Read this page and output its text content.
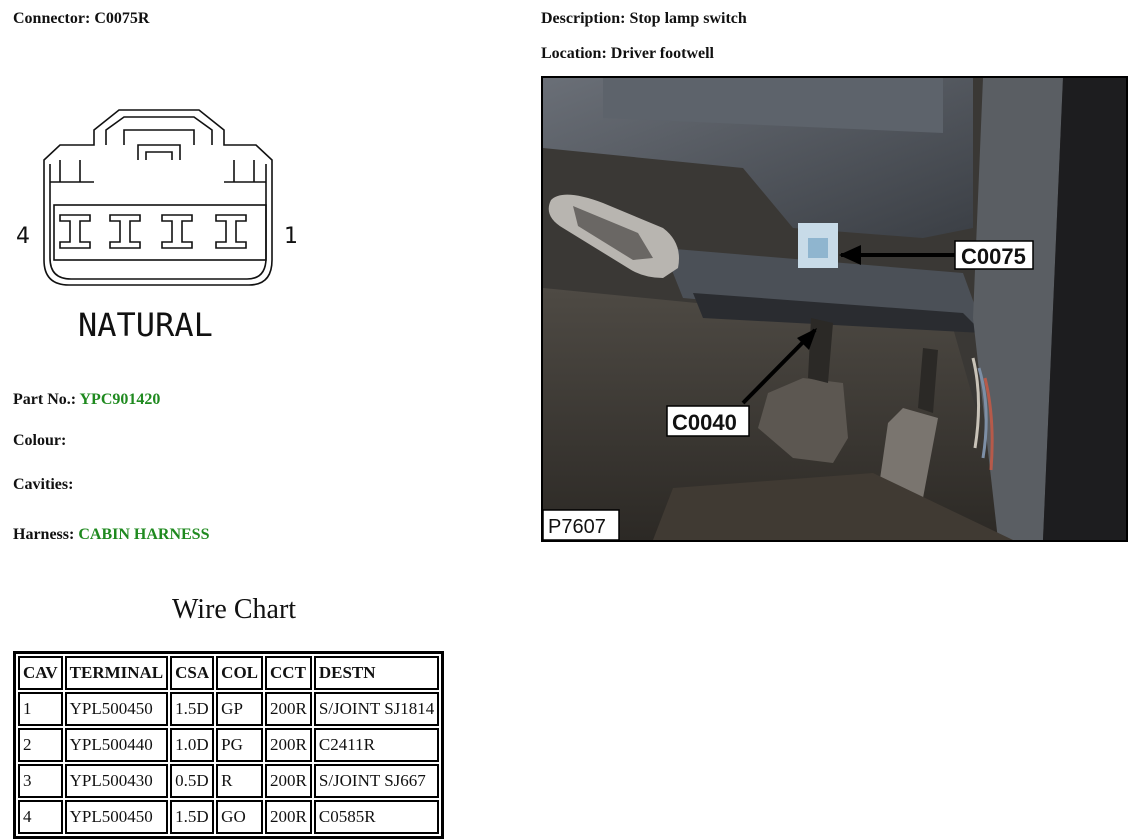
Connector: C0075R	Description: Stop lamp switch
Location: Driver footwell
4	1
NATURAL
Part No.: YPC901420
Colour:
Cavities:
Harness: CABIN HARNESS
Wire Chart
CAV	TERMINAL	CSA	COL	CCT	DESTN
1	YPL500450	1.5D	GP	200R	S/JOINT SJ1814
2	YPL500440	1.0D	PG	200R	C2411R
3	YPL500430	0.5D	R	200R	S/JOINT SJ667
4	YPL500450	1.5D	GO	200R	C0585R
C0075
C0040
P7607
